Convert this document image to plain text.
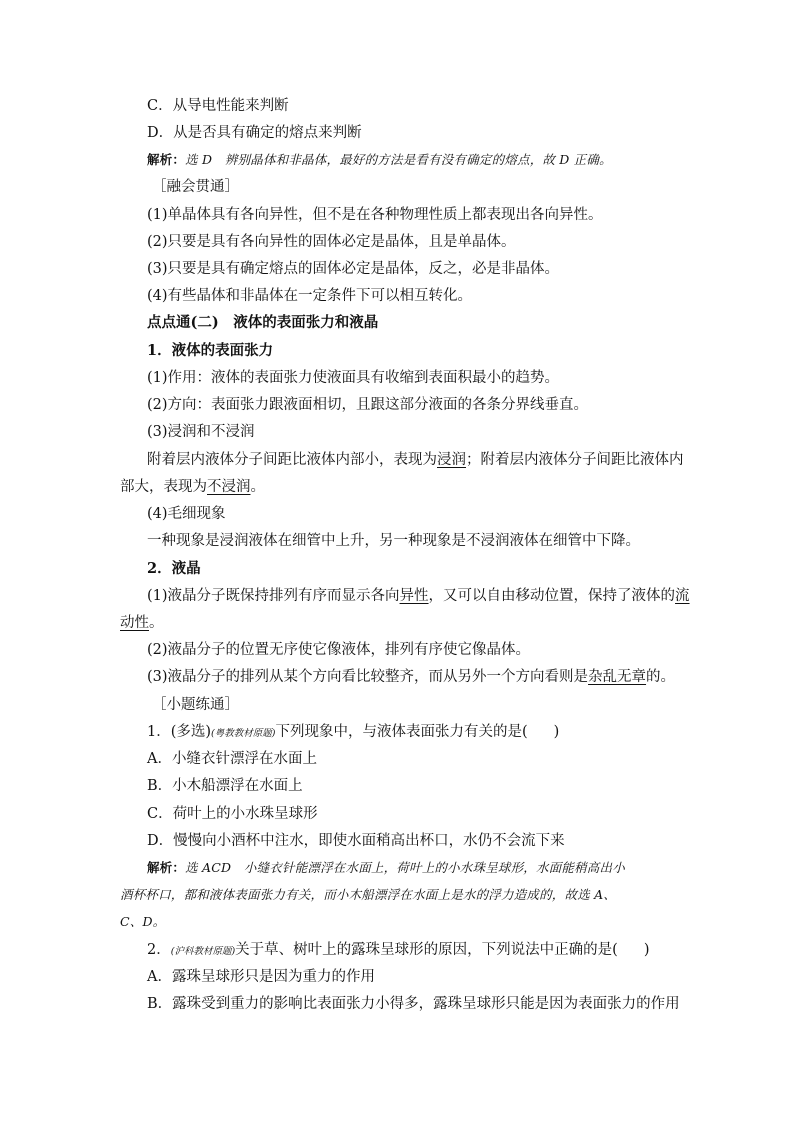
C．从导电性能来判断
D．从是否具有确定的熔点来判断
解析：选 D　辨别晶体和非晶体，最好的方法是看有没有确定的熔点，故 D 正确。
［融会贯通］
(1)单晶体具有各向异性，但不是在各种物理性质上都表现出各向异性。
(2)只要是具有各向异性的固体必定是晶体，且是单晶体。
(3)只要是具有确定熔点的固体必定是晶体，反之，必是非晶体。
(4)有些晶体和非晶体在一定条件下可以相互转化。
点点通(二)　液体的表面张力和液晶
1．液体的表面张力
(1)作用：液体的表面张力使液面具有收缩到表面积最小的趋势。
(2)方向：表面张力跟液面相切，且跟这部分液面的各条分界线垂直。
(3)浸润和不浸润
附着层内液体分子间距比液体内部小，表现为浸润；附着层内液体分子间距比液体内
部大，表现为不浸润。
(4)毛细现象
一种现象是浸润液体在细管中上升，另一种现象是不浸润液体在细管中下降。
2．液晶
(1)液晶分子既保持排列有序而显示各向异性，又可以自由移动位置，保持了液体的流
动性。
(2)液晶分子的位置无序使它像液体，排列有序使它像晶体。
(3)液晶分子的排列从某个方向看比较整齐，而从另外一个方向看则是杂乱无章的。
［小题练通］
1．(多选)(粤教教材原题)下列现象中，与液体表面张力有关的是( )
A．小缝衣针漂浮在水面上
B．小木船漂浮在水面上
C．荷叶上的小水珠呈球形
D．慢慢向小酒杯中注水，即使水面稍高出杯口，水仍不会流下来
解析：选 ACD　小缝衣针能漂浮在水面上，荷叶上的小水珠呈球形，水面能稍高出小
酒杯杯口，都和液体表面张力有关，而小木船漂浮在水面上是水的浮力造成的，故选 A、
C、D。
2．(沪科教材原题)关于草、树叶上的露珠呈球形的原因，下列说法中正确的是( )
A．露珠呈球形只是因为重力的作用
B．露珠受到重力的影响比表面张力小得多，露珠呈球形只能是因为表面张力的作用
